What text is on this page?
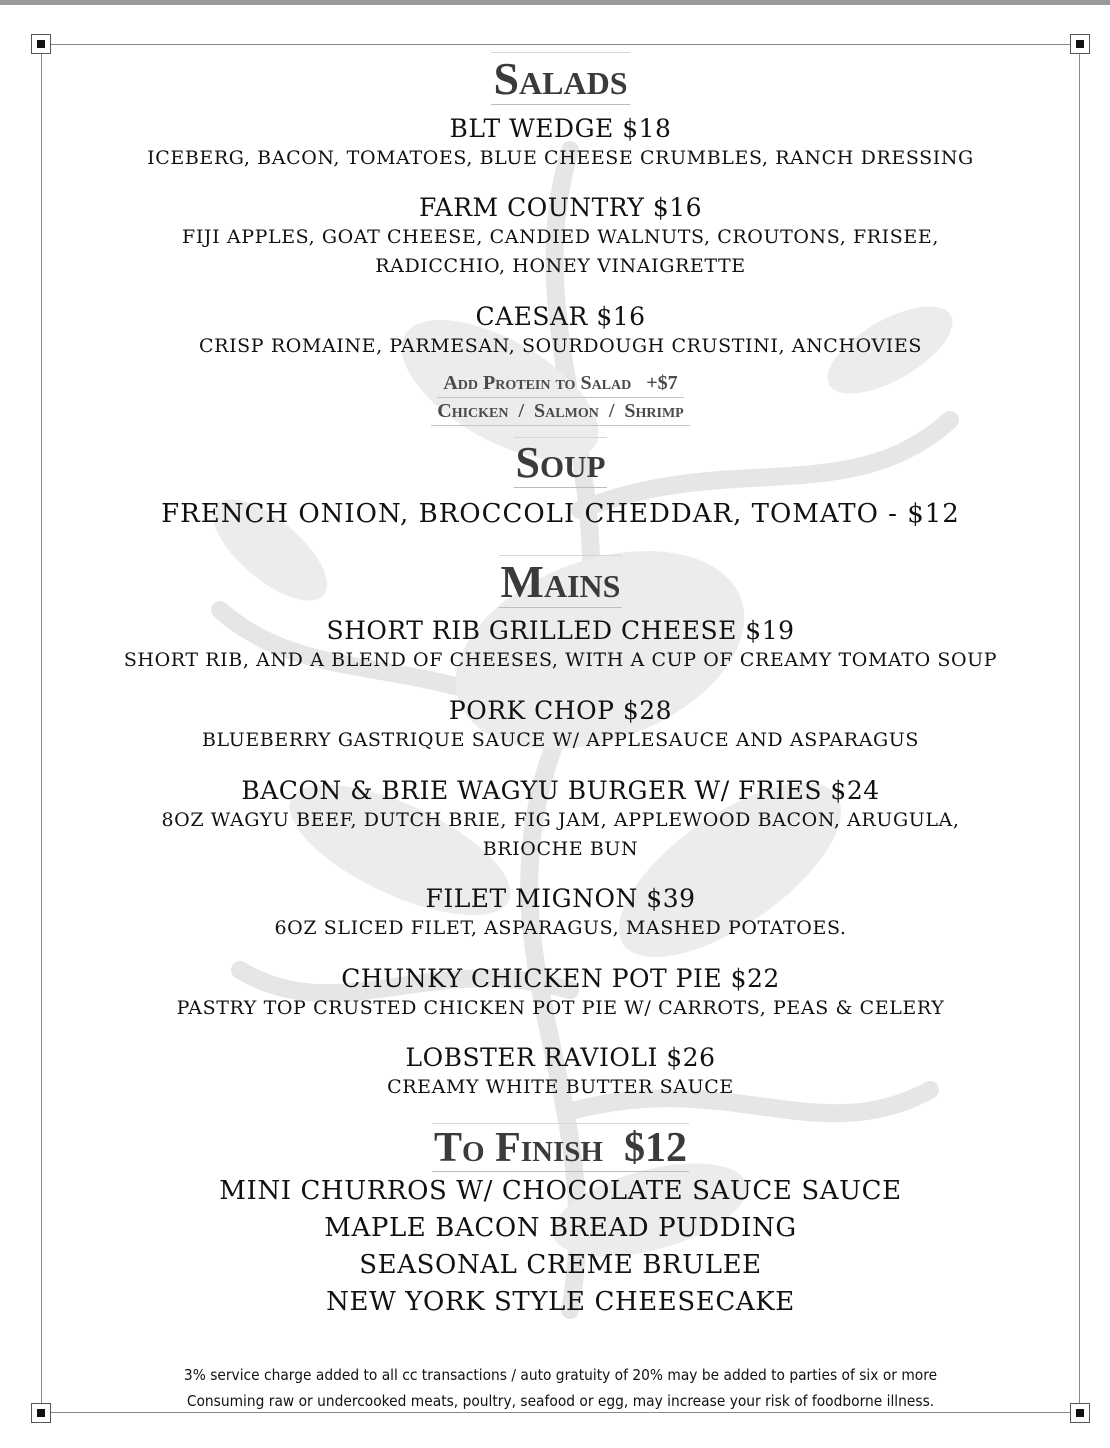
Salads
BLT WEDGE $18
ICEBERG, BACON, TOMATOES, BLUE CHEESE CRUMBLES, RANCH DRESSING
FARM COUNTRY $16
FIJI APPLES, GOAT CHEESE, CANDIED WALNUTS, CROUTONS, FRISEE,
RADICCHIO, HONEY VINAIGRETTE
CAESAR $16
CRISP ROMAINE, PARMESAN, SOURDOUGH CRUSTINI, ANCHOVIES
Add Protein to Salad   +$7
Chicken  /  Salmon  /  Shrimp
Soup
FRENCH ONION, BROCCOLI CHEDDAR, TOMATO - $12
Mains
SHORT RIB GRILLED CHEESE $19
SHORT RIB, AND A BLEND OF CHEESES, WITH A CUP OF CREAMY TOMATO SOUP
PORK CHOP $28
BLUEBERRY GASTRIQUE SAUCE W/ APPLESAUCE AND ASPARAGUS
BACON & BRIE WAGYU BURGER W/ FRIES $24
8OZ WAGYU BEEF, DUTCH BRIE, FIG JAM, APPLEWOOD BACON, ARUGULA,
BRIOCHE BUN
FILET MIGNON $39
6OZ SLICED FILET, ASPARAGUS, MASHED POTATOES.
CHUNKY CHICKEN POT PIE $22
PASTRY TOP CRUSTED CHICKEN POT PIE W/ CARROTS, PEAS & CELERY
LOBSTER RAVIOLI $26
CREAMY WHITE BUTTER SAUCE
To Finish  $12
MINI CHURROS W/ CHOCOLATE SAUCE SAUCE
MAPLE BACON BREAD PUDDING
SEASONAL CREME BRULEE
NEW YORK STYLE CHEESECAKE
3% service charge added to all cc transactions / auto gratuity of 20% may be added to parties of six or more
Consuming raw or undercooked meats, poultry, seafood or egg, may increase your risk of foodborne illness.
